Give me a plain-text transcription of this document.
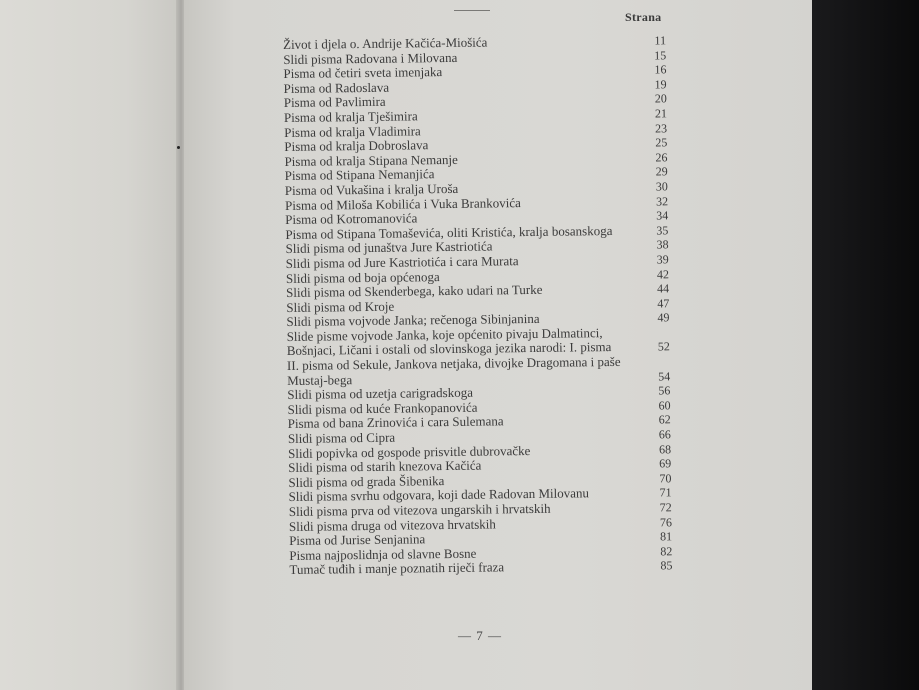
Strana
Život i djela o. Andrije Kačića-Miošića	11
Slidi pisma Radovana i Milovana	15
Pisma od četiri sveta imenjaka	16
Pisma od Radoslava	19
Pisma od Pavlimira	20
Pisma od kralja Tješimira	21
Pisma od kralja Vladimira	23
Pisma od kralja Dobroslava	25
Pisma od kralja Stipana Nemanje	26
Pisma od Stipana Nemanjića	29
Pisma od Vukašina i kralja Uroša	30
Pisma od Miloša Kobilića i Vuka Brankovića	32
Pisma od Kotromanovića	34
Pisma od Stipana Tomaševića, oliti Kristića, kralja bosanskoga	35
Slidi pisma od junaštva Jure Kastriotića	38
Slidi pisma od Jure Kastriotića i cara Murata	39
Slidi pisma od boja općenoga	42
Slidi pisma od Skenderbega, kako udari na Turke	44
Slidi pisma od Kroje	47
Slidi pisma vojvode Janka; rečenoga Sibinjanina	49
Slide pisme vojvode Janka, koje općenito pivaju Dalmatinci, Bošnjaci, Ličani i ostali od slovinskoga jezika narodi: I. pisma	52
II. pisma od Sekule, Jankova netjaka, divojke Dragomana i paše Mustaj-bega	54
Slidi pisma od uzetja carigradskoga	56
Slidi pisma od kuće Frankopanovića	60
Pisma od bana Zrinovića i cara Sulemana	62
Slidi pisma od Cipra	66
Slidi popivka od gospode prisvitle dubrovačke	68
Slidi pisma od starih knezova Kačića	69
Slidi pisma od grada Šibenika	70
Slidi pisma svrhu odgovara, koji dade Radovan Milovanu	71
Slidi pisma prva od vitezova ungarskih i hrvatskih	72
Slidi pisma druga od vitezova hrvatskih	76
Pisma od Jurise Senjanina	81
Pisma najposlidnja od slavne Bosne	82
Tumač tuđih i manje poznatih riječi fraza	85
— 7 —
